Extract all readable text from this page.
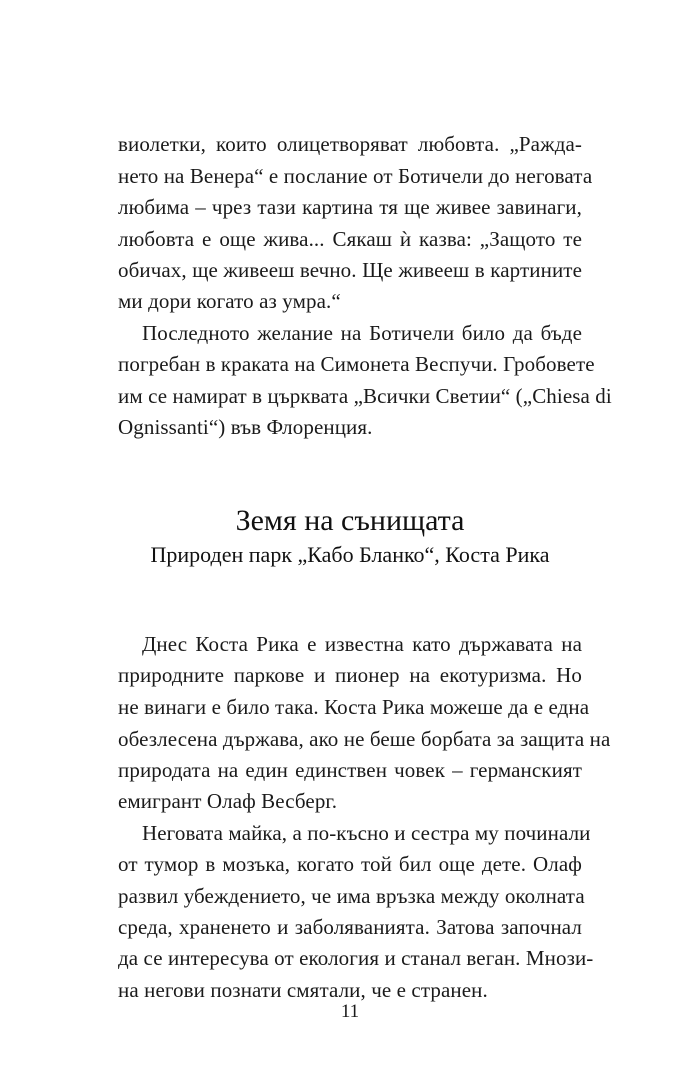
виолетки, които олицетворяват любовта. „Ражда-
нето на Венера“ е послание от Ботичели до неговата
любима – чрез тази картина тя ще живее завинаги,
любовта е още жива... Сякаш ѝ казва: „Защото те
обичах, ще живееш вечно. Ще живееш в картините
ми дори когато аз умра.“
Последното желание на Ботичели било да бъде
погребан в краката на Симонета Веспучи. Гробовете
им се намират в църквата „Всички Светии“ („Chiesa di
Ognissanti“) във Флоренция.
Земя на сънищата
Природен парк „Кабо Бланко“, Коста Рика
Днес Коста Рика е известна като държавата на
природните паркове и пионер на екотуризма. Но
не винаги е било така. Коста Рика можеше да е една
обезлесена държава, ако не беше борбата за защита на
природата на един единствен човек – германският
емигрант Олаф Весберг.
Неговата майка, а по-късно и сестра му починали
от тумор в мозъка, когато той бил още дете. Олаф
развил убеждението, че има връзка между околната
среда, храненето и заболяванията. Затова започнал
да се интересува от екология и станал веган. Мнози-
на негови познати смятали, че е странен.
11
